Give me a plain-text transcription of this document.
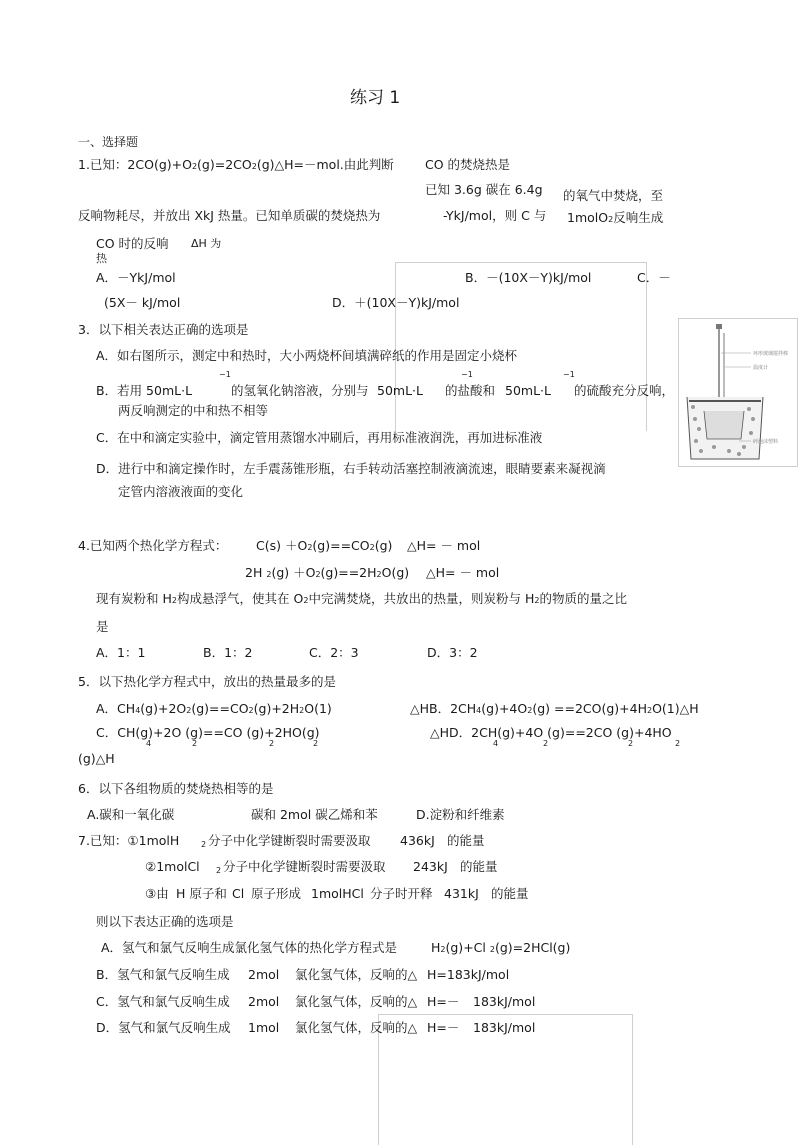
练习 1
一、选择题
1.已知：2CO(g)+O2(g)=2CO2(g)△H=－mol.由此判断 CO 的焚烧热是
已知 3.6g 碳在 6.4g 的氧气中焚烧，至
反响物耗尽，并放出 XkJ 热量。已知单质碳的焚烧热为	-YkJ/mol，则 C 与 1molO2反响生成
CO 时的反响 ΔH 为
热
A．－YkJ/mol	B．－(10X－Y)kJ/mol	C．－
(5X－ kJ/mol	D．＋(10X－Y)kJ/mol
3．以下相关表达正确的选项是
A．如右图所示，测定中和热时，大小两烧杯间填满碎纸的作用是固定小烧杯
B．若用 50mL·L
−1
的氢氧化钠溶液，分别与 50mL·L
−1
的盐酸和 50mL·L
−1
的硫酸充分反响，
两反响测定的中和热不相等
C．在中和滴定实验中，滴定管用蒸馏水冲刷后，再用标准液润洗，再加进标准液
D．进行中和滴定操作时，左手震荡锥形瓶，右手转动活塞控制液滴流速，眼睛要素来凝视滴
定管内溶液液面的变化
环形玻璃搅拌棒
温度计
碎泡沫塑料
4.已知两个热化学方程式： C(s) ＋O2(g)==CO2(g) △H= － mol
2H 2(g) ＋O2(g)==2H2O(g) △H= － mol
现有炭粉和 H2构成悬浮气，使其在 O2中完满焚烧，共放出的热量，则炭粉与 H2的物质的量之比
是
A．1：1	B．1：2	C．2：3	D．3：2
5．以下热化学方程式中，放出的热量最多的是
A．CH4(g)+2O2(g)==CO2(g)+2H2O(1)	△HB．2CH4(g)+4O2(g) ==2CO(g)+4H2O(1)△H
C．CH(g)+2O (g)==CO (g)+2HO(g)
4	2	2	2
△HD．2CH(g)+4O (g)==2CO (g)+4HO
4	2	2	2
(g)△H
6．以下各组物质的焚烧热相等的是
A.碳和一氧化碳	碳和 2mol 碳乙烯和苯	D.淀粉和纤维素
7.已知：①1molH	2 分子中化学键断裂时需要汲取 436kJ 的能量
②1molCl 2 分子中化学键断裂时需要汲取 243kJ 的能量
③由 H 原子和 Cl 原子形成 1molHCl 分子时开释 431kJ 的能量
则以下表达正确的选项是
A．氢气和氯气反响生成氯化氢气体的热化学方程式是	H2(g)+Cl 2(g)=2HCl(g)
B．氢气和氯气反响生成 2mol 氯化氢气体，反响的△ H=183kJ/mol
C．氢气和氯气反响生成 2mol 氯化氢气体，反响的△ H=－ 183kJ/mol
D．氢气和氯气反响生成 1mol 氯化氢气体，反响的△ H=－ 183kJ/mol
